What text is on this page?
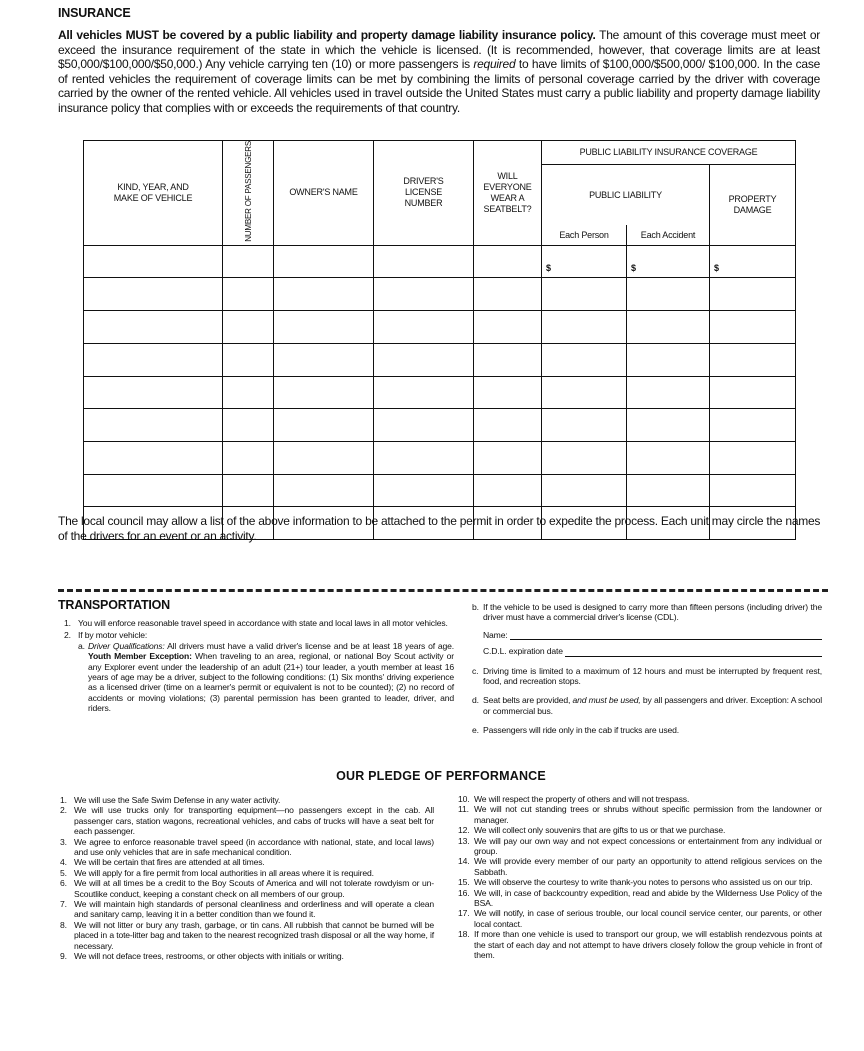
INSURANCE
All vehicles MUST be covered by a public liability and property damage liability insurance policy. The amount of this coverage must meet or exceed the insurance requirement of the state in which the vehicle is licensed. (It is recommended, however, that coverage limits are at least $50,000/$100,000/$50,000.) Any vehicle carrying ten (10) or more passengers is required to have limits of $100,000/$500,000/ $100,000. In the case of rented vehicles the requirement of coverage limits can be met by combining the limits of personal coverage carried by the driver with coverage carried by the owner of the rented vehicle. All vehicles used in travel outside the United States must carry a public liability and property damage liability insurance policy that complies with or exceeds the requirements of that country.
KIND, YEAR, AND MAKE OF VEHICLE	NUMBER OF PASSENGERS	OWNER'S NAME	DRIVER'S LICENSE NUMBER	WILL EVERYONE WEAR A SEATBELT?	PUBLIC LIABILITY INSURANCE COVERAGE		
					PUBLIC LIABILITY		PROPERTY DAMAGE
					Each Person	Each Accident	
					$	$	$

The local council may allow a list of the above information to be attached to the permit in order to expedite the process. Each unit may circle the names of the drivers for an event or an activity.
TRANSPORTATION
1. You will enforce reasonable travel speed in accordance with state and local laws in all motor vehicles.
2. If by motor vehicle:
a. Driver Qualifications: All drivers must have a valid driver's license and be at least 18 years of age. Youth Member Exception: When traveling to an area, regional, or national Boy Scout activity or any Explorer event under the leadership of an adult (21+) tour leader, a youth member at least 16 years of age may be a driver, subject to the following conditions: (1) Six months' driving experience as a licensed driver (time on a learner's permit or equivalent is not to be counted); (2) no record of accidents or moving violations; (3) parental permission has been granted to leader, driver, and riders.
b. If the vehicle to be used is designed to carry more than fifteen persons (including driver) the driver must have a commercial driver's license (CDL).
Name:
C.D.L. expiration date
c. Driving time is limited to a maximum of 12 hours and must be interrupted by frequent rest, food, and recreation stops.
d. Seat belts are provided, and must be used, by all passengers and driver. Exception: A school or commercial bus.
e. Passengers will ride only in the cab if trucks are used.
OUR PLEDGE OF PERFORMANCE
1. We will use the Safe Swim Defense in any water activity.
2. We will use trucks only for transporting equipment—no passengers except in the cab. All passenger cars, station wagons, recreational vehicles, and cabs of trucks will have a seat belt for each passenger.
3. We agree to enforce reasonable travel speed (in accordance with national, state, and local laws) and use only vehicles that are in safe mechanical condition.
4. We will be certain that fires are attended at all times.
5. We will apply for a fire permit from local authorities in all areas where it is required.
6. We will at all times be a credit to the Boy Scouts of America and will not tolerate rowdyism or un-Scoutlike conduct, keeping a constant check on all members of our group.
7. We will maintain high standards of personal cleanliness and orderliness and will operate a clean and sanitary camp, leaving it in a better condition than we found it.
8. We will not litter or bury any trash, garbage, or tin cans. All rubbish that cannot be burned will be placed in a tote-litter bag and taken to the nearest recognized trash disposal or all the way home, if necessary.
9. We will not deface trees, restrooms, or other objects with initials or writing.
10. We will respect the property of others and will not trespass.
11. We will not cut standing trees or shrubs without specific permission from the landowner or manager.
12. We will collect only souvenirs that are gifts to us or that we purchase.
13. We will pay our own way and not expect concessions or entertainment from any individual or group.
14. We will provide every member of our party an opportunity to attend religious services on the Sabbath.
15. We will observe the courtesy to write thank-you notes to persons who assisted us on our trip.
16. We will, in case of backcountry expedition, read and abide by the Wilderness Use Policy of the BSA.
17. We will notify, in case of serious trouble, our local council service center, our parents, or other local contact.
18. If more than one vehicle is used to transport our group, we will establish rendezvous points at the start of each day and not attempt to have drivers closely follow the group vehicle in front of them.
